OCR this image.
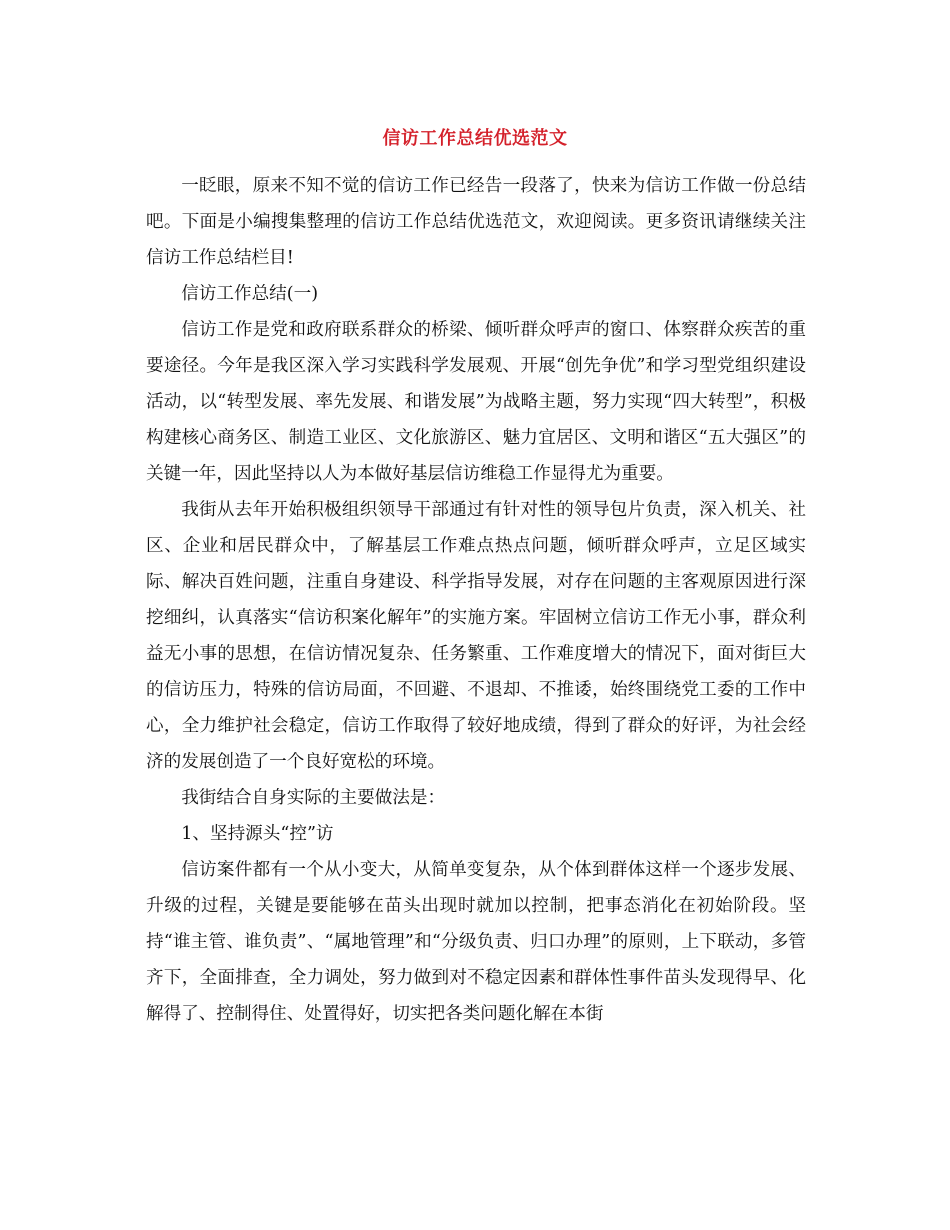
信访工作总结优选范文

一眨眼，原来不知不觉的信访工作已经告一段落了，快来为信访工作做一份总结吧。下面是小编搜集整理的信访工作总结优选范文，欢迎阅读。更多资讯请继续关注信访工作总结栏目!

信访工作总结(一)

信访工作是党和政府联系群众的桥梁、倾听群众呼声的窗口、体察群众疾苦的重要途径。今年是我区深入学习实践科学发展观、开展“创先争优”和学习型党组织建设活动，以“转型发展、率先发展、和谐发展”为战略主题，努力实现“四大转型”，积极构建核心商务区、制造工业区、文化旅游区、魅力宜居区、文明和谐区“五大强区”的关键一年，因此坚持以人为本做好基层信访维稳工作显得尤为重要。

我街从去年开始积极组织领导干部通过有针对性的领导包片负责，深入机关、社区、企业和居民群众中，了解基层工作难点热点问题，倾听群众呼声，立足区域实际、解决百姓问题，注重自身建设、科学指导发展，对存在问题的主客观原因进行深挖细纠，认真落实“信访积案化解年”的实施方案。牢固树立信访工作无小事，群众利益无小事的思想，在信访情况复杂、任务繁重、工作难度增大的情况下，面对街巨大的信访压力，特殊的信访局面，不回避、不退却、不推诿，始终围绕党工委的工作中心，全力维护社会稳定，信访工作取得了较好地成绩，得到了群众的好评，为社会经济的发展创造了一个良好宽松的环境。

我街结合自身实际的主要做法是：

1、坚持源头“控”访

信访案件都有一个从小变大，从简单变复杂，从个体到群体这样一个逐步发展、升级的过程，关键是要能够在苗头出现时就加以控制，把事态消化在初始阶段。坚持“谁主管、谁负责”、“属地管理”和“分级负责、归口办理”的原则，上下联动，多管齐下，全面排查，全力调处，努力做到对不稳定因素和群体性事件苗头发现得早、化解得了、控制得住、处置得好，切实把各类问题化解在本街
